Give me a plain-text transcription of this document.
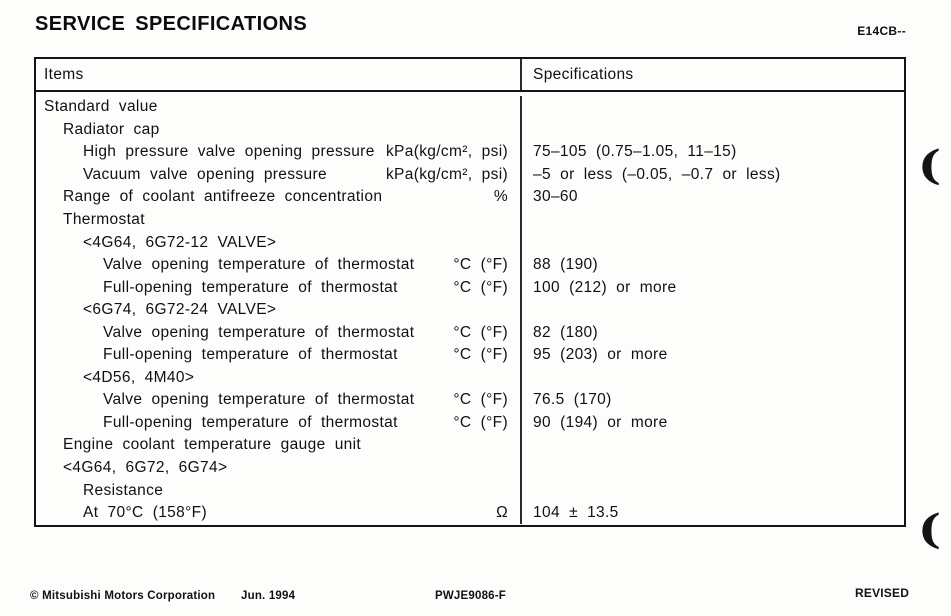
SERVICE SPECIFICATIONS	E14CB--
Items	Specifications
Standard value
Radiator cap
High pressure valve opening pressure kPa(kg/cm², psi)	75–105 (0.75–1.05, 11–15)
Vacuum valve opening pressure	kPa(kg/cm², psi)	–5 or less (–0.05, –0.7 or less)
Range of coolant antifreeze concentration	%	30–60
Thermostat
<4G64, 6G72-12 VALVE>
Valve opening temperature of thermostat	°C (°F)	88 (190)
Full-opening temperature of thermostat	°C (°F)	100 (212) or more
<6G74, 6G72-24 VALVE>
Valve opening temperature of thermostat	°C (°F)	82 (180)
Full-opening temperature of thermostat	°C (°F)	95 (203) or more
<4D56, 4M40>
Valve opening temperature of thermostat	°C (°F)	76.5 (170)
Full-opening temperature of thermostat	°C (°F)	90 (194) or more
Engine coolant temperature gauge unit
<4G64, 6G72, 6G74>
Resistance
At 70°C (158°F)	Ω	104 ± 13.5
(
(
© Mitsubishi Motors Corporation Jun. 1994	PWJE9086-F	REVISED
